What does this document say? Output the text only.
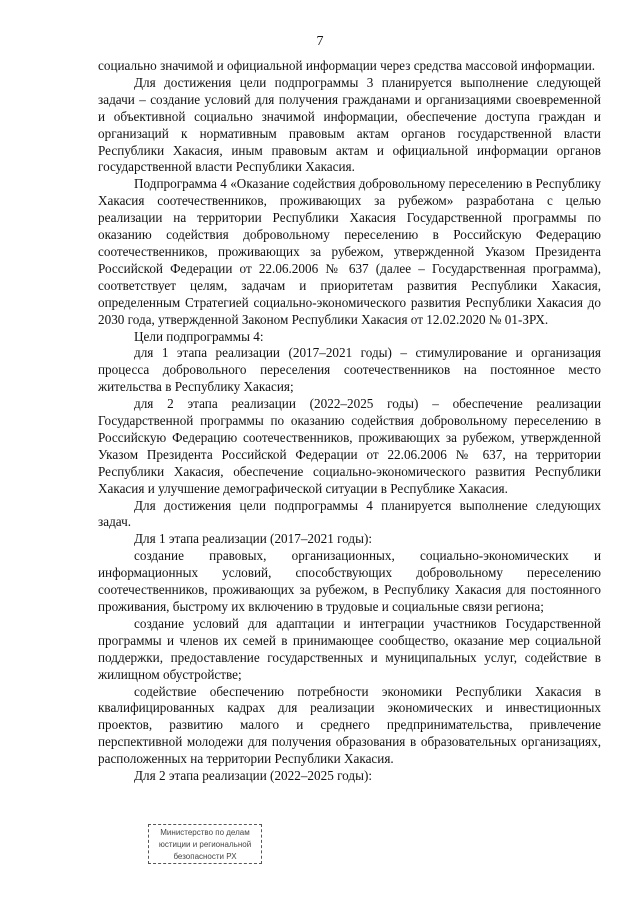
7

социально значимой и официальной информации через средства массовой информации.

Для достижения цели подпрограммы 3 планируется выполнение следующей задачи – создание условий для получения гражданами и организациями своевременной и объективной социально значимой информации, обеспечение доступа граждан и организаций к нормативным правовым актам органов государственной власти Республики Хакасия, иным правовым актам и официальной информации органов государственной власти Республики Хакасия.

Подпрограмма 4 «Оказание содействия добровольному переселению в Республику Хакасия соотечественников, проживающих за рубежом» разработана с целью реализации на территории Республики Хакасия Государственной программы по оказанию содействия добровольному переселению в Российскую Федерацию соотечественников, проживающих за рубежом, утвержденной Указом Президента Российской Федерации от 22.06.2006 № 637 (далее – Государственная программа), соответствует целям, задачам и приоритетам развития Республики Хакасия, определенным Стратегией социально-экономического развития Республики Хакасия до 2030 года, утвержденной Законом Республики Хакасия от 12.02.2020 № 01-ЗРХ.

Цели подпрограммы 4:

для 1 этапа реализации (2017–2021 годы) – стимулирование и организация процесса добровольного переселения соотечественников на постоянное место жительства в Республику Хакасия;

для 2 этапа реализации (2022–2025 годы) – обеспечение реализации Государственной программы по оказанию содействия добровольному переселению в Российскую Федерацию соотечественников, проживающих за рубежом, утвержденной Указом Президента Российской Федерации от 22.06.2006 № 637, на территории Республики Хакасия, обеспечение социально-экономического развития Республики Хакасия и улучшение демографической ситуации в Республике Хакасия.

Для достижения цели подпрограммы 4 планируется выполнение следующих задач.

Для 1 этапа реализации (2017–2021 годы):

создание правовых, организационных, социально-экономических и информационных условий, способствующих добровольному переселению соотечественников, проживающих за рубежом, в Республику Хакасия для постоянного проживания, быстрому их включению в трудовые и социальные связи региона;

создание условий для адаптации и интеграции участников Государственной программы и членов их семей в принимающее сообщество, оказание мер социальной поддержки, предоставление государственных и муниципальных услуг, содействие в жилищном обустройстве;

содействие обеспечению потребности экономики Республики Хакасия в квалифицированных кадрах для реализации экономических и инвестиционных проектов, развитию малого и среднего предпринимательства, привлечение перспективной молодежи для получения образования в образовательных организациях, расположенных на территории Республики Хакасия.

Для 2 этапа реализации (2022–2025 годы):

Министерство по делам
юстиции и региональной
безопасности РХ
